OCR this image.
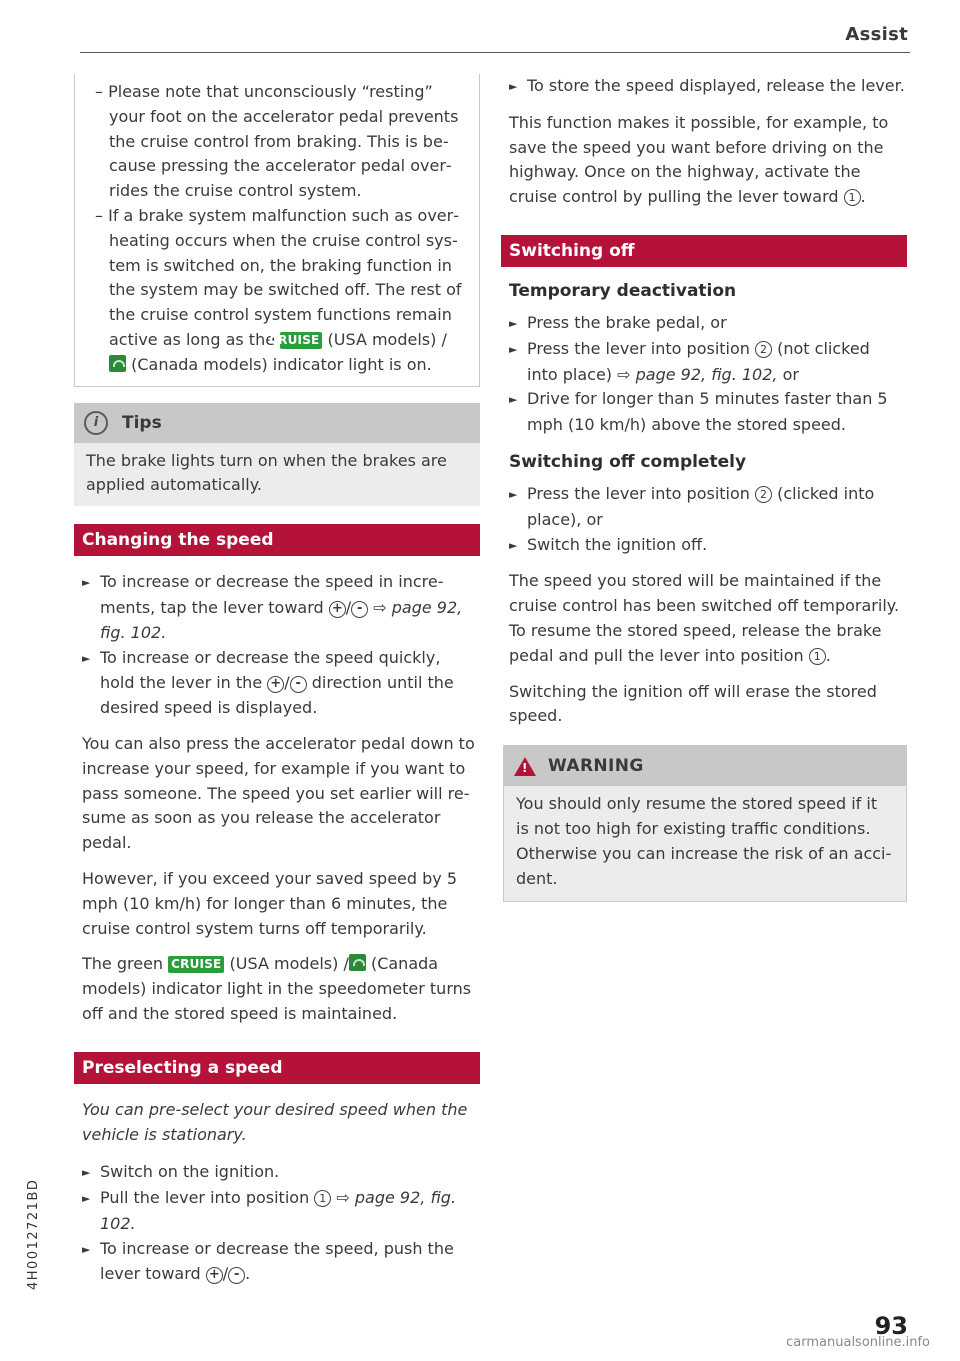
Assist

– Please note that unconsciously “resting” your foot on the accelerator pedal prevents the cruise control from braking. This is because pressing the accelerator pedal overrides the cruise control system.

– If a brake system malfunction such as overheating occurs when the cruise control system is switched on, the braking function in the system may be switched off. The rest of the cruise control system functions remain active as long as the CRUISE (USA models) /  (Canada models) indicator light is on.

i	Tips
The brake lights turn on when the brakes are applied automatically.
Changing the speed

► To increase or decrease the speed in increments, tap the lever toward + / - ⇨ page 92, fig. 102.

► To increase or decrease the speed quickly, hold the lever in the + / - direction until the desired speed is displayed.

You can also press the accelerator pedal down to increase your speed, for example if you want to pass someone. The speed you set earlier will resume as soon as you release the accelerator pedal.

However, if you exceed your saved speed by 5 mph (10 km/h) for longer than 6 minutes, the cruise control system turns off temporarily.

The green CRUISE (USA models) / (Canada models) indicator light in the speedometer turns off and the stored speed is maintained.

Preselecting a speed

You can pre-select your desired speed when the vehicle is stationary.

► Switch on the ignition.

► Pull the lever into position 1 ⇨ page 92, fig. 102.

► To increase or decrease the speed, push the lever toward + / - .

► To store the speed displayed, release the lever.

This function makes it possible, for example, to save the speed you want before driving on the highway. Once on the highway, activate the cruise control by pulling the lever toward 1 .

Switching off
Temporary deactivation

► Press the brake pedal, or

► Press the lever into position 2 (not clicked into place) ⇨ page 92, fig. 102, or

► Drive for longer than 5 minutes faster than 5 mph (10 km/h) above the stored speed.

Switching off completely

► Press the lever into position 2 (clicked into place), or

► Switch the ignition off.

The speed you stored will be maintained if the cruise control has been switched off temporarily. To resume the stored speed, release the brake pedal and pull the lever into position 1 .

Switching the ignition off will erase the stored speed.

!
WARNING
You should only resume the stored speed if it is not too high for existing traffic conditions. Otherwise you can increase the risk of an accident.
4H0012721BD
93
carmanualsonline.info
